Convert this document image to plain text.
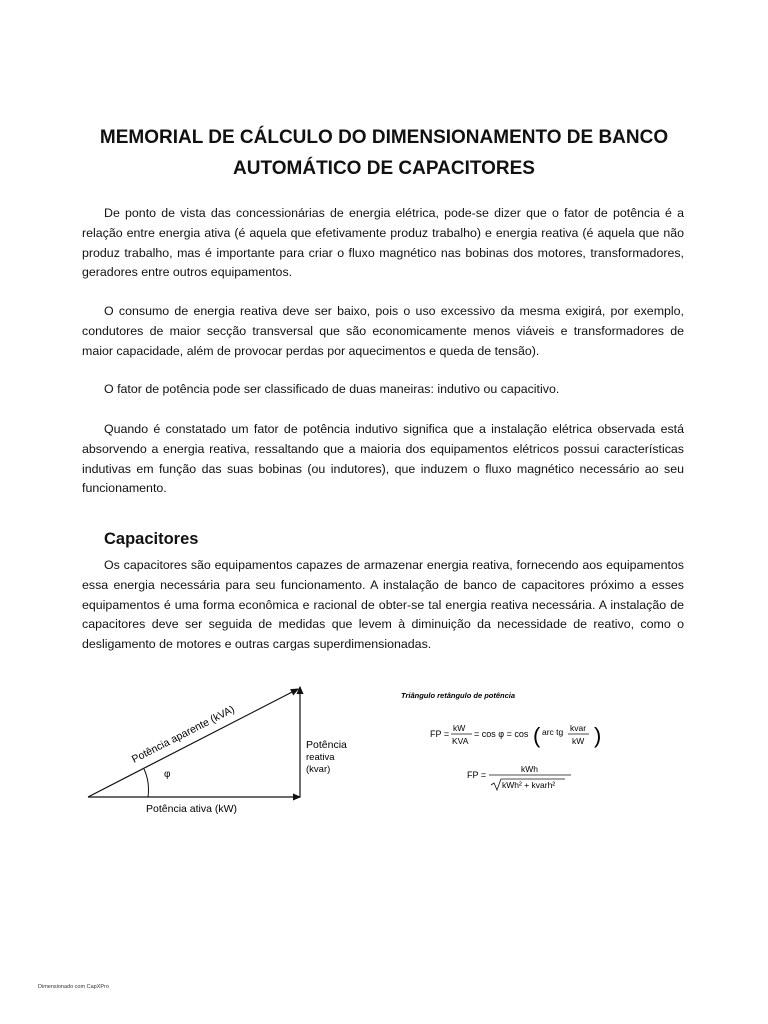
MEMORIAL DE CÁLCULO DO DIMENSIONAMENTO DE BANCO
AUTOMÁTICO DE CAPACITORES

De ponto de vista das concessionárias de energia elétrica, pode-se dizer que o fator de potência é a relação entre energia ativa (é aquela que efetivamente produz trabalho) e energia reativa (é aquela que não produz trabalho, mas é importante para criar o fluxo magnético nas bobinas dos motores, transformadores, geradores entre outros equipamentos.

O consumo de energia reativa deve ser baixo, pois o uso excessivo da mesma exigirá, por exemplo, condutores de maior secção transversal que são economicamente menos viáveis e transformadores de maior capacidade, além de provocar perdas por aquecimentos e queda de tensão).

O fator de potência pode ser classificado de duas maneiras: indutivo ou capacitivo.

Quando é constatado um fator de potência indutivo significa que a instalação elétrica observada está absorvendo a energia reativa, ressaltando que a maioria dos equipamentos elétricos possui características indutivas em função das suas bobinas (ou indutores), que induzem o fluxo magnético necessário ao seu funcionamento.

Capacitores

Os capacitores são equipamentos capazes de armazenar energia reativa, fornecendo aos equipamentos essa energia necessária para seu funcionamento. A instalação de banco de capacitores próximo a esses equipamentos é uma forma econômica e racional de obter-se tal energia reativa necessária. A instalação de capacitores deve ser seguida de medidas que levem à diminuição da necessidade de reativo, como o desligamento de motores e outras cargas superdimensionadas.

φ
Potência aparente (kVA)
Potência ativa (kW)
Potência
reativa
(kvar)
Triângulo retângulo de potência
FP =
kW
KVA
= cos φ = cos ( arc tg kvar
kW )
FP =
kWh
kWh² + kvarh²
Dimensionado com CapXPro
